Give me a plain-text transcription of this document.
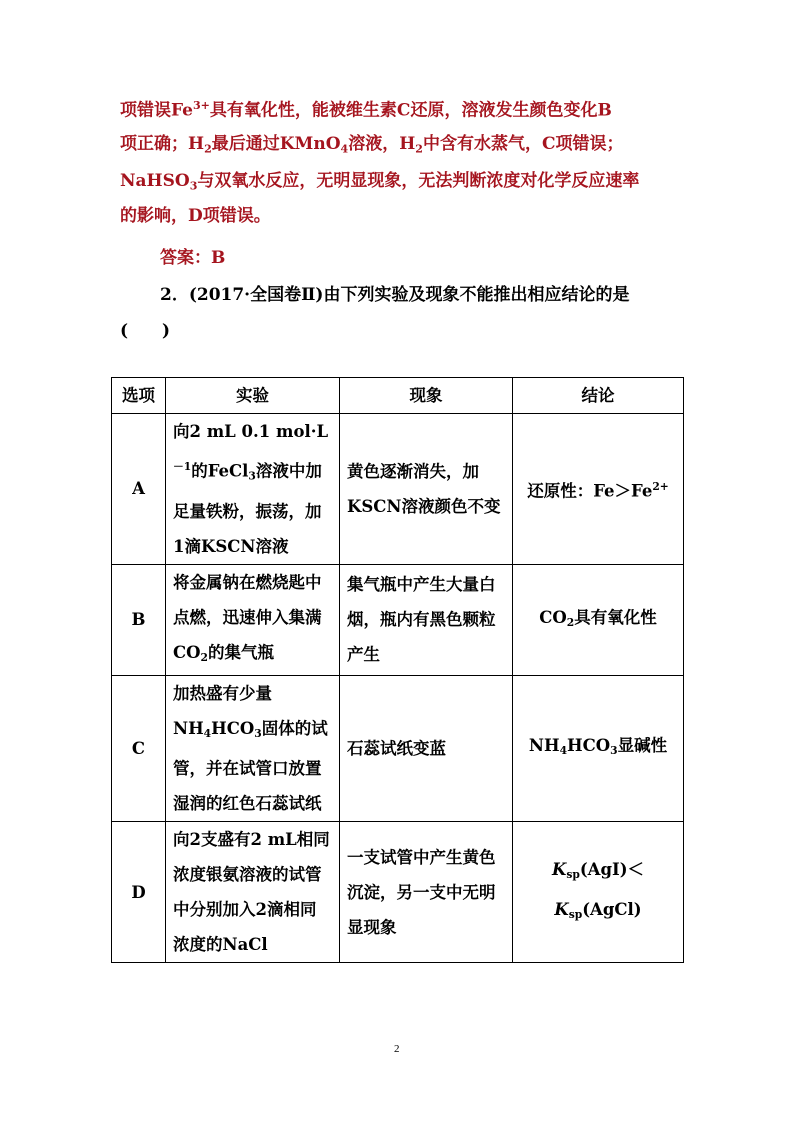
项错误$Fe^{3+}$具有氧化性，能被维生素C还原，溶液发生颜色变化B
项正确；$H_2$最后通过KMnO$_4$溶液，$H_2$中含有水蒸气，C项错误；
NaHSO$_3$与双氧水反应，无明显现象，无法判断浓度对化学反应速率
的影响，D项错误。
答案：B
2．(2017·全国卷Ⅱ)由下列实验及现象不能推出相应结论的是
(　　)
选项	实验	现象	结论
A	向2 mL 0.1 $mol\cdot L^{-1}$的FeCl$_3$溶液中加足量铁粉，振荡，加1滴KSCN溶液	黄色逐渐消失，加KSCN溶液颜色不变	还原性：$Fe>Fe^{2+}$
B	将金属钠在燃烧匙中点燃，迅速伸入集满$CO_2$的集气瓶	集气瓶中产生大量白烟，瓶内有黑色颗粒产生	$CO_2$具有氧化性
C	加热盛有少量$NH_4HCO_3$固体的试管，并在试管口放置湿润的红色石蕊试纸	石蕊试纸变蓝	$NH_4HCO_3$显碱性
D	向2支盛有2 mL相同浓度银氨溶液的试管中分别加入2滴相同浓度的NaCl	一支试管中产生黄色沉淀，另一支中无明显现象	$K_{sp}(AgI)<K_{sp}(AgCl)$
2
